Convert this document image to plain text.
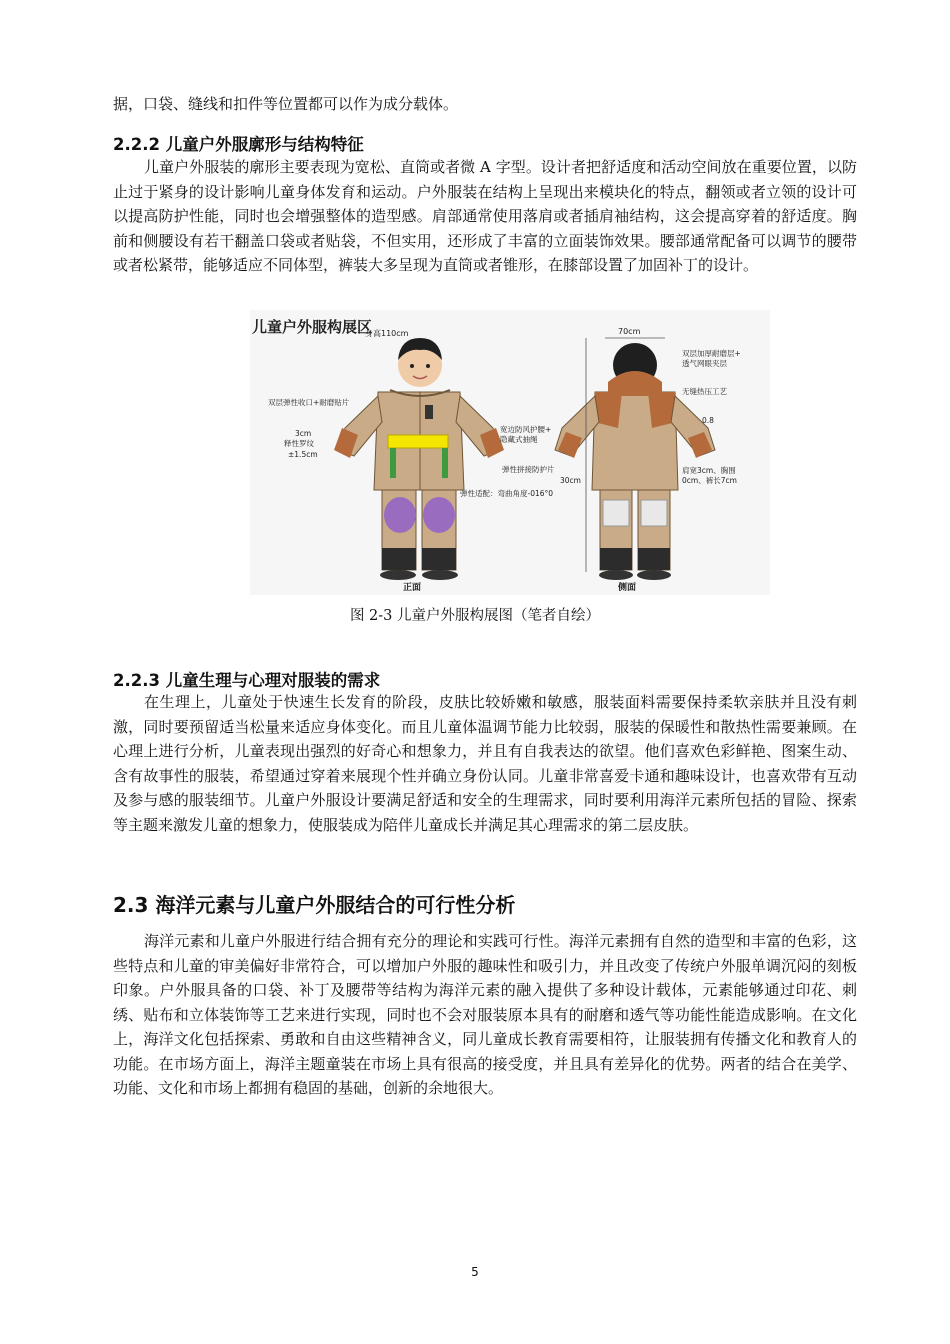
据，口袋、缝线和扣件等位置都可以作为成分载体。

2.2.2 儿童户外服廓形与结构特征

儿童户外服装的廓形主要表现为宽松、直筒或者微 A 字型。设计者把舒适度和活动空间放在重要位置，以防止过于紧身的设计影响儿童身体发育和运动。户外服装在结构上呈现出来模块化的特点，翻领或者立领的设计可以提高防护性能，同时也会增强整体的造型感。肩部通常使用落肩或者插肩袖结构，这会提高穿着的舒适度。胸前和侧腰设有若干翻盖口袋或者贴袋，不但实用，还形成了丰富的立面装饰效果。腰部通常配备可以调节的腰带或者松紧带，能够适应不同体型，裤装大多呈现为直筒或者锥形，在膝部设置了加固补丁的设计。

儿童户外服构展区
身高110cm	70cm
双层弹性收口+耐磨贴片
3cm
释性罗纹
±1.5cm
宽边防风护腰+
隐藏式抽绳
弹性拼接防护片
弹性适配：弯曲角度-016°0
双层加厚耐磨层+
透气网眼夹层
无缝热压工艺
0.8
30cm
肩宽3cm、胸围
0cm、裤长7cm
正面	侧面

图 2-3 儿童户外服构展图（笔者自绘）

2.2.3 儿童生理与心理对服装的需求

在生理上，儿童处于快速生长发育的阶段，皮肤比较娇嫩和敏感，服装面料需要保持柔软亲肤并且没有刺激，同时要预留适当松量来适应身体变化。而且儿童体温调节能力比较弱，服装的保暖性和散热性需要兼顾。在心理上进行分析，儿童表现出强烈的好奇心和想象力，并且有自我表达的欲望。他们喜欢色彩鲜艳、图案生动、含有故事性的服装，希望通过穿着来展现个性并确立身份认同。儿童非常喜爱卡通和趣味设计，也喜欢带有互动及参与感的服装细节。儿童户外服设计要满足舒适和安全的生理需求，同时要利用海洋元素所包括的冒险、探索等主题来激发儿童的想象力，使服装成为陪伴儿童成长并满足其心理需求的第二层皮肤。

2.3 海洋元素与儿童户外服结合的可行性分析

海洋元素和儿童户外服进行结合拥有充分的理论和实践可行性。海洋元素拥有自然的造型和丰富的色彩，这些特点和儿童的审美偏好非常符合，可以增加户外服的趣味性和吸引力，并且改变了传统户外服单调沉闷的刻板印象。户外服具备的口袋、补丁及腰带等结构为海洋元素的融入提供了多种设计载体，元素能够通过印花、刺绣、贴布和立体装饰等工艺来进行实现，同时也不会对服装原本具有的耐磨和透气等功能性能造成影响。在文化上，海洋文化包括探索、勇敢和自由这些精神含义，同儿童成长教育需要相符，让服装拥有传播文化和教育人的功能。在市场方面上，海洋主题童装在市场上具有很高的接受度，并且具有差异化的优势。两者的结合在美学、功能、文化和市场上都拥有稳固的基础，创新的余地很大。

5
